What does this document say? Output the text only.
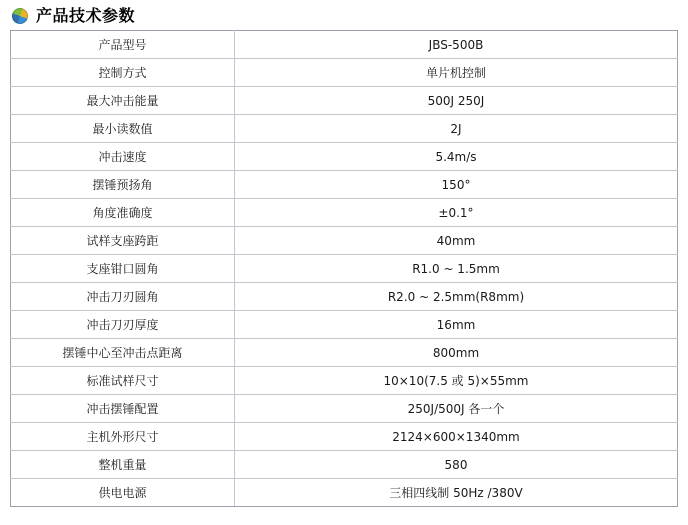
产品技术参数
产品型号	JBS-500B
控制方式	单片机控制
最大冲击能量	500J 250J
最小读数值	2J
冲击速度	5.4m/s
摆锤预扬角	150°
角度准确度	±0.1°
试样支座跨距	40mm
支座钳口圆角	R1.0 ~ 1.5mm
冲击刀刃圆角	R2.0 ~ 2.5mm(R8mm)
冲击刀刃厚度	16mm
摆锤中心至冲击点距离	800mm
标准试样尺寸	10×10(7.5 或 5)×55mm
冲击摆锤配置	250J/500J 各一个
主机外形尺寸	2124×600×1340mm
整机重量	580
供电电源	三相四线制 50Hz /380V
